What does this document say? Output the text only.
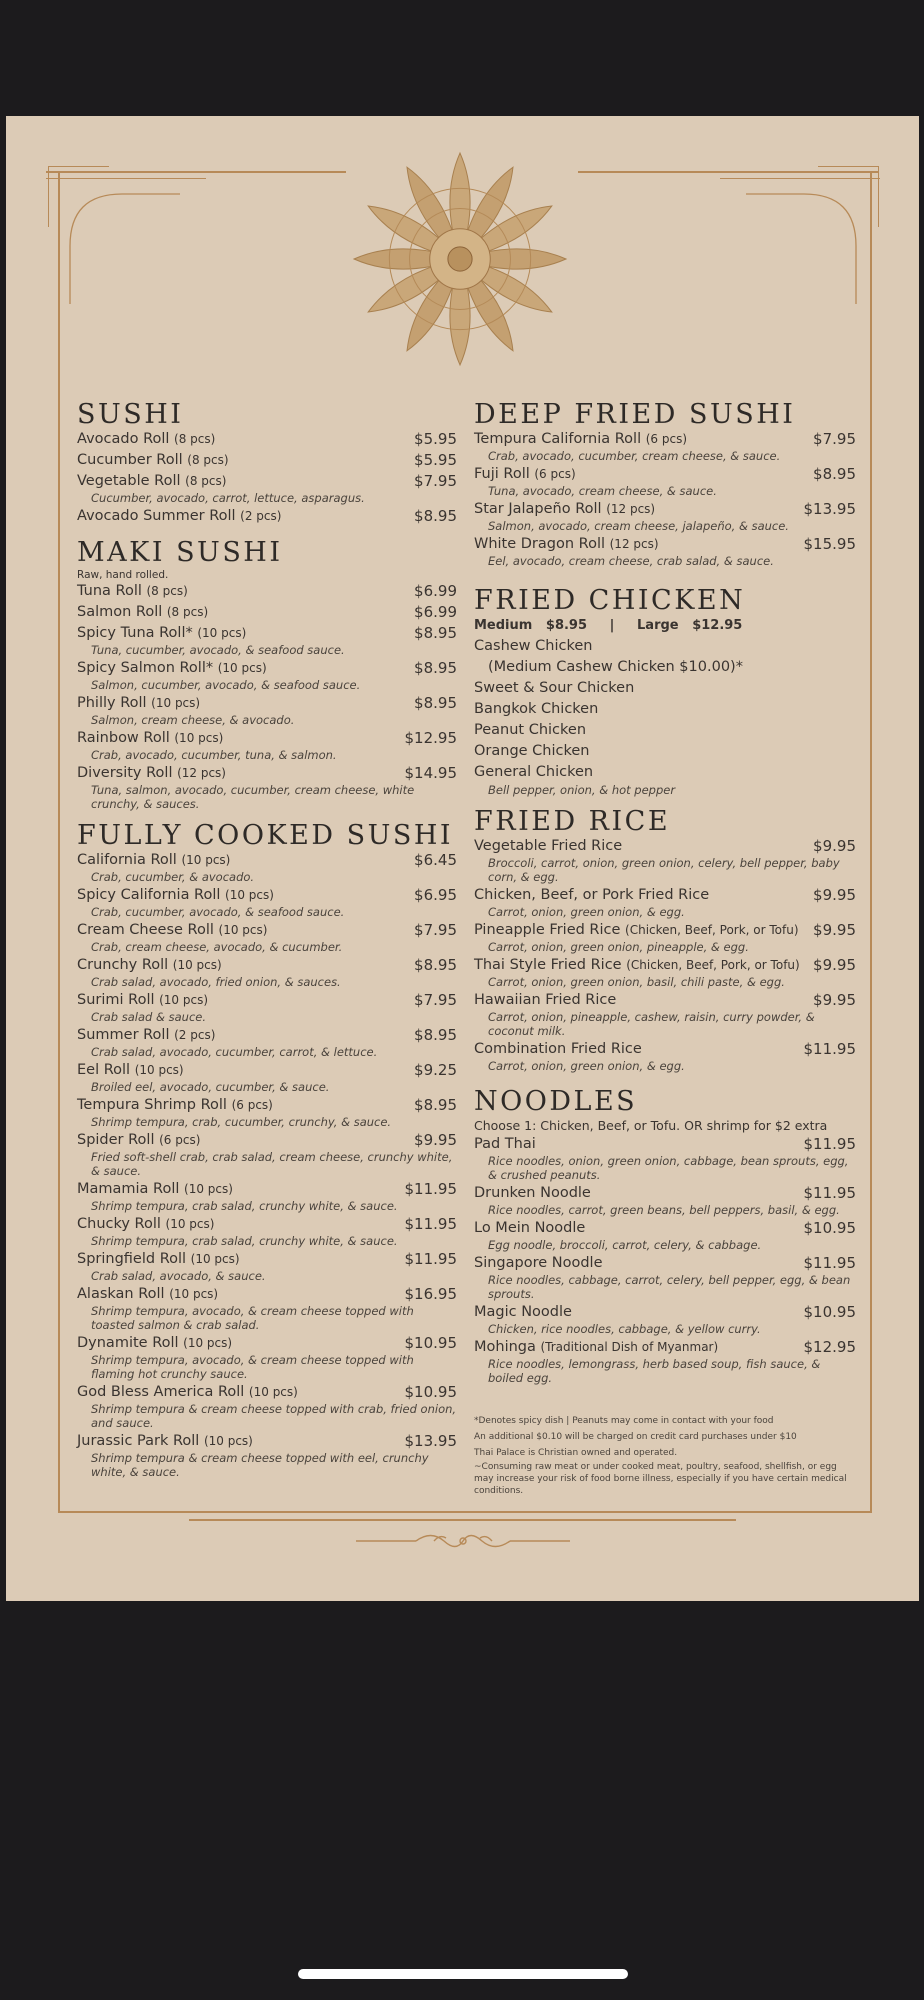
SUSHI
Avocado Roll (8 pcs)	$5.95
Cucumber Roll (8 pcs)	$5.95
Vegetable Roll (8 pcs)	$7.95
Cucumber, avocado, carrot, lettuce, asparagus.
Avocado Summer Roll (2 pcs)	$8.95
MAKI SUSHI
Raw, hand rolled.
Tuna Roll (8 pcs)	$6.99
Salmon Roll (8 pcs)	$6.99
Spicy Tuna Roll* (10 pcs)	$8.95
Tuna, cucumber, avocado, & seafood sauce.
Spicy Salmon Roll* (10 pcs)	$8.95
Salmon, cucumber, avocado, & seafood sauce.
Philly Roll (10 pcs)	$8.95
Salmon, cream cheese, & avocado.
Rainbow Roll (10 pcs)	$12.95
Crab, avocado, cucumber, tuna, & salmon.
Diversity Roll (12 pcs)	$14.95
Tuna, salmon, avocado, cucumber, cream cheese, white crunchy, & sauces.
FULLY COOKED SUSHI
California Roll (10 pcs)	$6.45
Crab, cucumber, & avocado.
Spicy California Roll (10 pcs)	$6.95
Crab, cucumber, avocado, & seafood sauce.
Cream Cheese Roll (10 pcs)	$7.95
Crab, cream cheese, avocado, & cucumber.
Crunchy Roll (10 pcs)	$8.95
Crab salad, avocado, fried onion, & sauces.
Surimi Roll (10 pcs)	$7.95
Crab salad & sauce.
Summer Roll (2 pcs)	$8.95
Crab salad, avocado, cucumber, carrot, & lettuce.
Eel Roll (10 pcs)	$9.25
Broiled eel, avocado, cucumber, & sauce.
Tempura Shrimp Roll (6 pcs)	$8.95
Shrimp tempura, crab, cucumber, crunchy, & sauce.
Spider Roll (6 pcs)	$9.95
Fried soft-shell crab, crab salad, cream cheese, crunchy white, & sauce.
Mamamia Roll (10 pcs)	$11.95
Shrimp tempura, crab salad, crunchy white, & sauce.
Chucky Roll (10 pcs)	$11.95
Shrimp tempura, crab salad, crunchy white, & sauce.
Springfield Roll (10 pcs)	$11.95
Crab salad, avocado, & sauce.
Alaskan Roll (10 pcs)	$16.95
Shrimp tempura, avocado, & cream cheese topped with toasted salmon & crab salad.
Dynamite Roll (10 pcs)	$10.95
Shrimp tempura, avocado, & cream cheese topped with flaming hot crunchy sauce.
God Bless America Roll (10 pcs)	$10.95
Shrimp tempura & cream cheese topped with crab, fried onion, and sauce.
Jurassic Park Roll (10 pcs)	$13.95
Shrimp tempura & cream cheese topped with eel, crunchy white, & sauce.
DEEP FRIED SUSHI
Tempura California Roll (6 pcs)	$7.95
Crab, avocado, cucumber, cream cheese, & sauce.
Fuji Roll (6 pcs)	$8.95
Tuna, avocado, cream cheese, & sauce.
Star Jalapeño Roll (12 pcs)	$13.95
Salmon, avocado, cream cheese, jalapeño, & sauce.
White Dragon Roll (12 pcs)	$15.95
Eel, avocado, cream cheese, crab salad, & sauce.
FRIED CHICKEN
Medium   $8.95     |     Large   $12.95
Cashew Chicken
(Medium Cashew Chicken $10.00)*
Sweet & Sour Chicken
Bangkok Chicken
Peanut Chicken
Orange Chicken
General Chicken
Bell pepper, onion, & hot pepper
FRIED RICE
Vegetable Fried Rice	$9.95
Broccoli, carrot, onion, green onion, celery, bell pepper, baby corn, & egg.
Chicken, Beef, or Pork Fried Rice	$9.95
Carrot, onion, green onion, & egg.
Pineapple Fried Rice (Chicken, Beef, Pork, or Tofu) $9.95
Carrot, onion, green onion, pineapple, & egg.
Thai Style Fried Rice (Chicken, Beef, Pork, or Tofu) $9.95
Carrot, onion, green onion, basil, chili paste, & egg.
Hawaiian Fried Rice	$9.95
Carrot, onion, pineapple, cashew, raisin, curry powder, & coconut milk.
Combination Fried Rice	$11.95
Carrot, onion, green onion, & egg.
NOODLES
Choose 1: Chicken, Beef, or Tofu. OR shrimp for $2 extra
Pad Thai	$11.95
Rice noodles, onion, green onion, cabbage, bean sprouts, egg, & crushed peanuts.
Drunken Noodle	$11.95
Rice noodles, carrot, green beans, bell peppers, basil, & egg.
Lo Mein Noodle	$10.95
Egg noodle, broccoli, carrot, celery, & cabbage.
Singapore Noodle	$11.95
Rice noodles, cabbage, carrot, celery, bell pepper, egg, & bean sprouts.
Magic Noodle	$10.95
Chicken, rice noodles, cabbage, & yellow curry.
Mohinga (Traditional Dish of Myanmar)	$12.95
Rice noodles, lemongrass, herb based soup, fish sauce, & boiled egg.
*Denotes spicy dish | Peanuts may come in contact with your food
An additional $0.10 will be charged on credit card purchases under $10
Thai Palace is Christian owned and operated.
~Consuming raw meat or under cooked meat, poultry, seafood, shellfish, or egg may increase your risk of food borne illness, especially if you have certain medical conditions.
